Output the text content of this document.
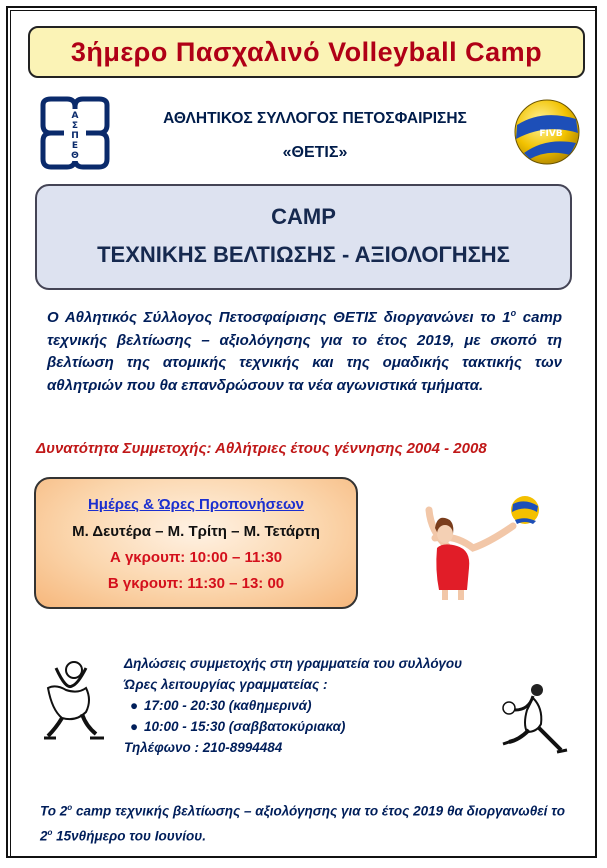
3ήμερο Πασχαλινό Volleyball Camp
Α
Σ
Π
Ε
Θ
ΑΘΛΗΤΙΚΟΣ ΣΥΛΛΟΓΟΣ ΠΕΤΟΣΦΑΙΡΙΣΗΣ
«ΘΕΤΙΣ»
FIVB
CAMP
ΤΕΧΝΙΚΗΣ ΒΕΛΤΙΩΣΗΣ - ΑΞΙΟΛΟΓΗΣΗΣ
Ο Αθλητικός Σύλλογος Πετοσφαίρισης ΘΕΤΙΣ διοργανώνει το $1^o$ camp τεχνικής βελτίωσης – αξιολόγησης για το έτος 2019, με σκοπό τη βελτίωση της ατομικής τεχνικής και της ομαδικής τακτικής των αθλητριών που θα επανδρώσουν τα νέα αγωνιστικά τμήματα.
Δυνατότητα Συμμετοχής: Αθλήτριες έτους γέννησης 2004 - 2008
Ημέρες & Ώρες Προπονήσεων
Μ. Δευτέρα – Μ. Τρίτη – Μ. Τετάρτη
Α γκρουπ: 10:00 – 11:30
Β γκρουπ: 11:30 – 13: 00
Δηλώσεις συμμετοχής στη γραμματεία του συλλόγου
Ώρες λειτουργίας γραμματείας :
● 17:00 - 20:30 (καθημερινά)
● 10:00 - 15:30 (σαββατοκύριακα)
Τηλέφωνο : 210-8994484
Το $2^o$ camp τεχνικής βελτίωσης – αξιολόγησης για το έτος 2019 θα διοργανωθεί το $2^o$ 15νθήμερο του Ιουνίου.
